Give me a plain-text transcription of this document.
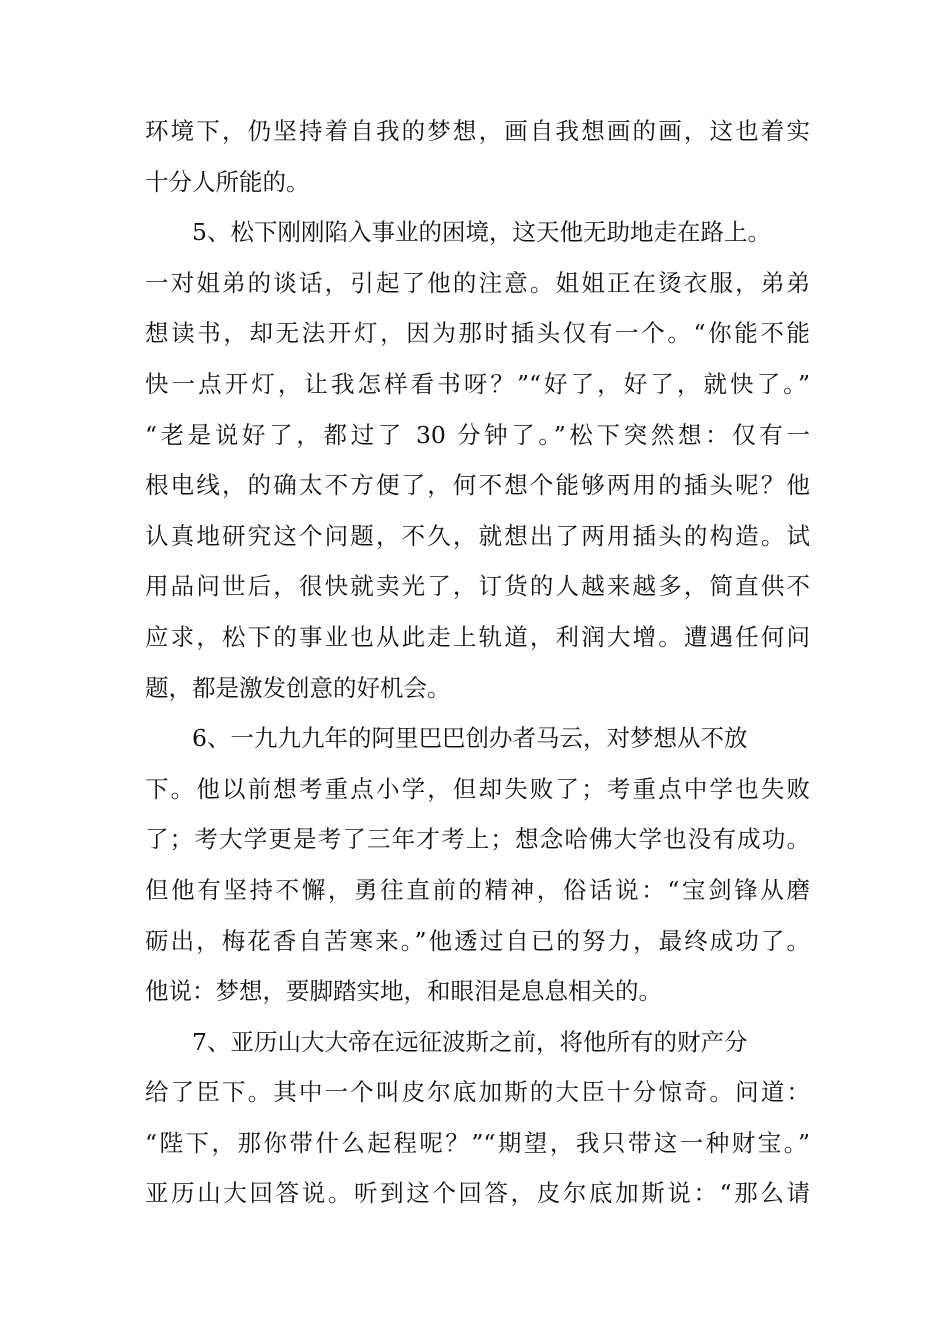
环境下，仍坚持着自我的梦想，画自我想画的画，这也着实
十分人所能的。
5、松下刚刚陷入事业的困境，这天他无助地走在路上。
一对姐弟的谈话，引起了他的注意。姐姐正在烫衣服，弟弟
想读书，却无法开灯，因为那时插头仅有一个。“你能不能
快一点开灯，让我怎样看书呀？”“好了，好了，就快了。”
“老是说好了，都过了 30 分钟了。”松下突然想：仅有一
根电线，的确太不方便了，何不想个能够两用的插头呢？他
认真地研究这个问题，不久，就想出了两用插头的构造。试
用品问世后，很快就卖光了，订货的人越来越多，简直供不
应求，松下的事业也从此走上轨道，利润大增。遭遇任何问
题，都是激发创意的好机会。
6、一九九九年的阿里巴巴创办者马云，对梦想从不放
下。他以前想考重点小学，但却失败了；考重点中学也失败
了；考大学更是考了三年才考上；想念哈佛大学也没有成功。
但他有坚持不懈，勇往直前的精神，俗话说：“宝剑锋从磨
砺出，梅花香自苦寒来。”他透过自已的努力，最终成功了。
他说：梦想，要脚踏实地，和眼泪是息息相关的。
7、亚历山大大帝在远征波斯之前，将他所有的财产分
给了臣下。其中一个叫皮尔底加斯的大臣十分惊奇。问道：
“陛下，那你带什么起程呢？”“期望，我只带这一种财宝。”
亚历山大回答说。听到这个回答，皮尔底加斯说：“那么请
